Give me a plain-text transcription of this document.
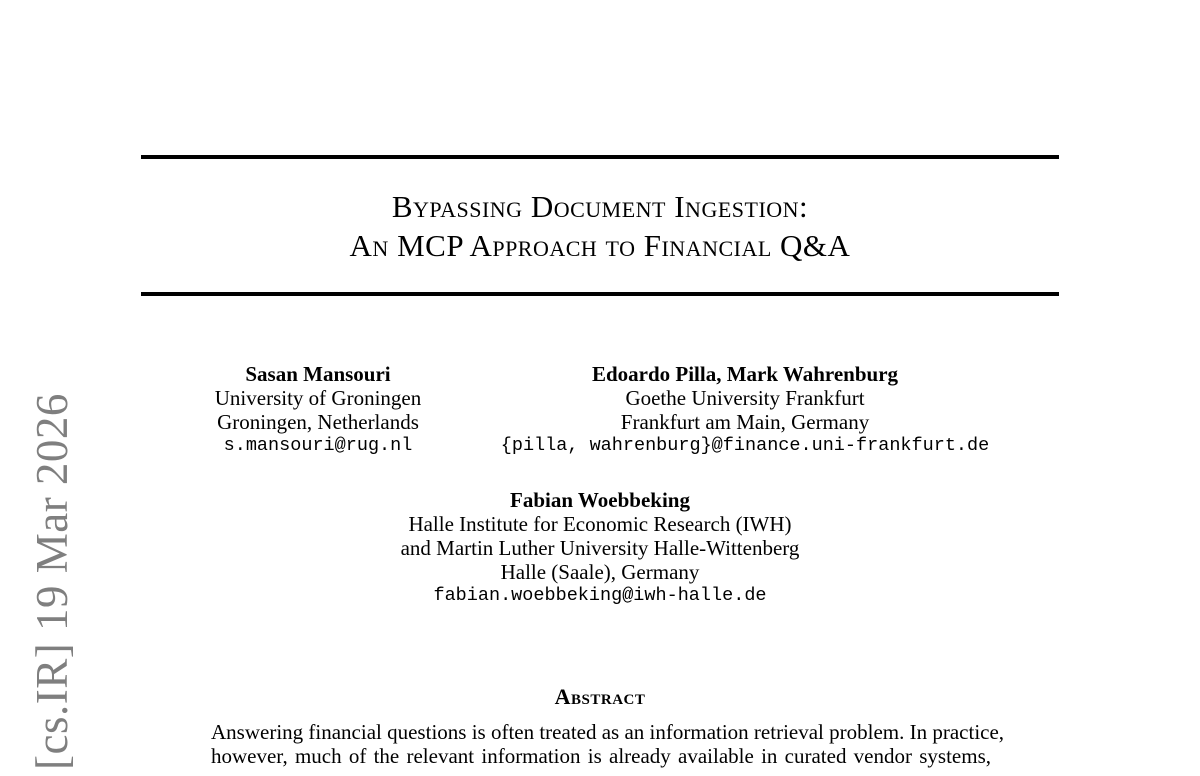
[cs.IR] 19 Mar 2026
Bypassing Document Ingestion:
An MCP Approach to Financial Q&A
Sasan Mansouri
University of Groningen
Groningen, Netherlands
s.mansouri@rug.nl
Edoardo Pilla, Mark Wahrenburg
Goethe University Frankfurt
Frankfurt am Main, Germany
{pilla, wahrenburg}@finance.uni-frankfurt.de
Fabian Woebbeking
Halle Institute for Economic Research (IWH)
and Martin Luther University Halle-Wittenberg
Halle (Saale), Germany
fabian.woebbeking@iwh-halle.de
Abstract
Answering financial questions is often treated as an information retrieval problem. In practice,
however, much of the relevant information is already available in curated vendor systems,
